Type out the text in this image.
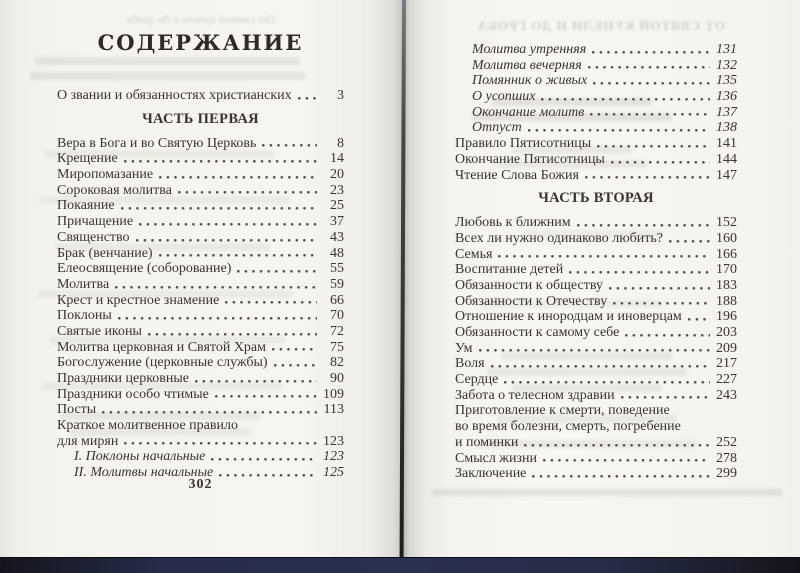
От святой купели и до гроба
СОДЕРЖАНИЕ
О звании и обязанностях христианских	3
ЧАСТЬ ПЕРВАЯ
Вера в Бога и во Святую Церковь	8
Крещение	14
Миропомазание	20
Сороковая молитва	23
Покаяние	25
Причащение	37
Священство	43
Брак (венчание)	48
Елеосвящение (соборование)	55
Молитва	59
Крест и крестное знамение	66
Поклоны	70
Святые иконы	72
Молитва церковная и Святой Храм	75
Богослужение (церковные службы)	82
Праздники церковные	90
Праздники особо чтимые	109
Посты	113
Краткое молитвенное правило
для мирян	123
I. Поклоны начальные	123
II. Молитвы начальные	125
302
ОТ СВЯТОЙ КУПЕЛИ И ДО ГРОБА
Молитва утренняя	131
Молитва вечерняя	132
Помянник о живых	135
О усопших	136
Окончание молитв	137
Отпуст	138
Правило Пятисотницы	141
Окончание Пятисотницы	144
Чтение Слова Божия	147
ЧАСТЬ ВТОРАЯ
Любовь к ближним	152
Всех ли нужно одинаково любить?	160
Семья	166
Воспитание детей	170
Обязанности к обществу	183
Обязанности к Отечеству	188
Отношение к инородцам и иноверцам 196
Обязанности к самому себе	203
Ум	209
Воля	217
Сердце	227
Забота о телесном здравии	243
Приготовление к смерти, поведение
во время болезни, смерть, погребение
и поминки	252
Смысл жизни	278
Заключение	299
